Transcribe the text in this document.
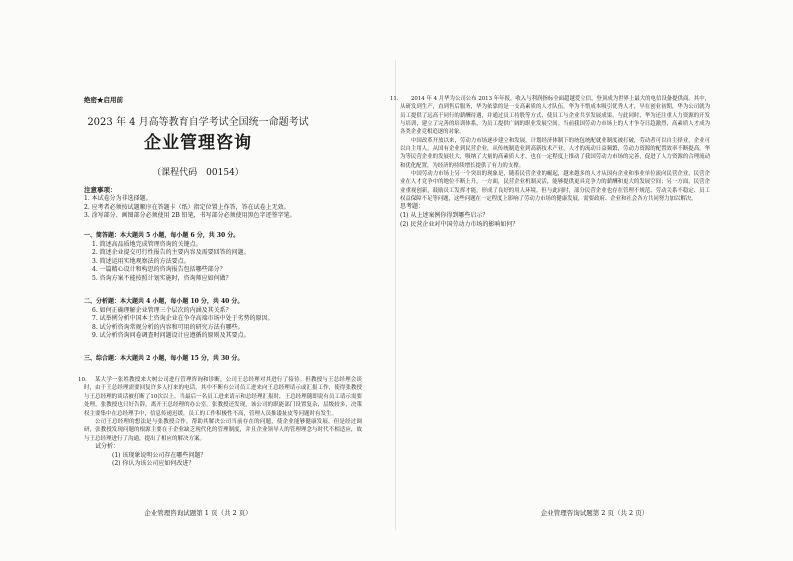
绝密★启用前
2023 年 4 月高等教育自学考试全国统一命题考试
企业管理咨询
（课程代码　00154）
注意事项：
1. 本试卷分为非选择题。
2. 应考者必须按试题顺序在答题卡（纸）指定位置上作答，答在试卷上无效。
3. 涂写部分、画图部分必须使用 2B 铅笔，书写部分必须使用黑色字迹签字笔。
一、简答题：本大题共 5 小题，每小题 6 分，共 30 分。
1. 简述高品质地完成管理咨询的关键点。
2. 简述企业提交可行性报告的主要内容及需要回答的问题。
3. 简述运用实地观察法的方法要点。
4. 一篇精心设计和构思的咨询报告包括哪些部分？
5. 咨询方案不能按照计划实施时，咨询师应如何做？
二、分析题：本大题共 4 小题，每小题 10 分，共 40 分。
6. 如何正确理解企业管理三个层次的内涵及其关系？
7. 试举例分析中国本土咨询企业在争夺高端市场中处于劣势的原因。
8. 试分析咨询常规分析的内容和可用的研究方法有哪些。
9. 试分析咨询问卷调查时问题设计应遵循的原则及其要点。
三、综合题：本大题共 2 小题，每小题 15 分，共 30 分。
10.	某大学一张姓教授来大树公司进行管理咨询和诊断，公司王总经理对其进行了接待。但教授与王总经理会谈时，由于王总经理需要回复许多人打来的电话，其中不断有公司员工进来向王总经理请示或汇报工作，使得张教授与王总经理的谈话被打断了10次以上。当最后一名员工进来请示和总经理汇报时，王总经理随即说有员工请示需要处理，张教授也只好告辞，离开王总经理的办公室。张教授还发现，该公司的职能部门设置复杂，层级较多，决策权主要集中在总经理手中，信息传递迟缓，员工的工作积极性不高，管理人员推诿扯皮等问题时有发生。

公司王总经理的想法是与张教授合作，帮助其解决公司当前存在的问题，使企业能够健康发展。但是经过调研，张教授发现问题的根源主要在于企业缺乏现代化的管理制度，并且企业领导人的管理理念与时代不相适应，故与王总经理进行了沟通，提出了相应的解决方案。

试分析：
(1) 该现象说明公司存在哪些问题？
(2) 你认为该公司应如何改进？
企业管理咨询试题第 1 页（共 2 页）
11.	2014 年 4 月华为公司公布 2013 年年报，收入与利润指标全面超越爱立信，登顶成为世界上最大的电信设备提供商。其中，从研发到生产，直到售后服务，华为依靠的是一支高素质的人才队伍。华为不惜成本吸引优秀人才，早在创业初期，华为公司就为员工提供了远高于同行的薪酬待遇，并通过员工持股等方式，使员工与企业共享发展成果。与此同时，华为还注重人力资源的开发与培训，建立了完善的培训体系，为员工提供广阔的职业发展空间。当前我国劳动力市场上的人才争夺日趋激烈，高素质人才成为各类企业竞相追逐的对象。

中国改革开放以来，劳动力市场逐步建立和发展，计划经济体制下的统包统配就业制度被打破，劳动者可以自主择业，企业可以自主用人。从国有企业到民营企业，从传统制造业到高新技术产业，人才的流动日益频繁，劳动力资源的配置效率不断提高。华为等民营企业的发展壮大，吸纳了大量的高素质人才，也在一定程度上推动了我国劳动力市场的完善，促进了人力资源的合理流动和优化配置，为经济的持续增长提供了有力的支撑。

中国劳动力市场上另一个突出的现象是，随着民营企业的崛起，越来越多的人才从国有企业和事业单位流向民营企业，民营企业在人才竞争中的地位不断上升。一方面，民营企业机制灵活，能够提供更具竞争力的薪酬和更大的发展空间；另一方面，民营企业重视创新，鼓励员工发挥才能，形成了良好的用人环境。但与此同时，部分民营企业也存在管理不规范、劳动关系不稳定、员工权益保障不足等问题，这些问题在一定程度上影响了劳动力市场的健康发展，需要政府、企业和社会各方共同努力加以解决。

思考题：
(1) 从上述案例你得到哪些启示？
(2) 民营企业对中国劳动力市场的影响如何？
企业管理咨询试题第 2 页（共 2 页）
